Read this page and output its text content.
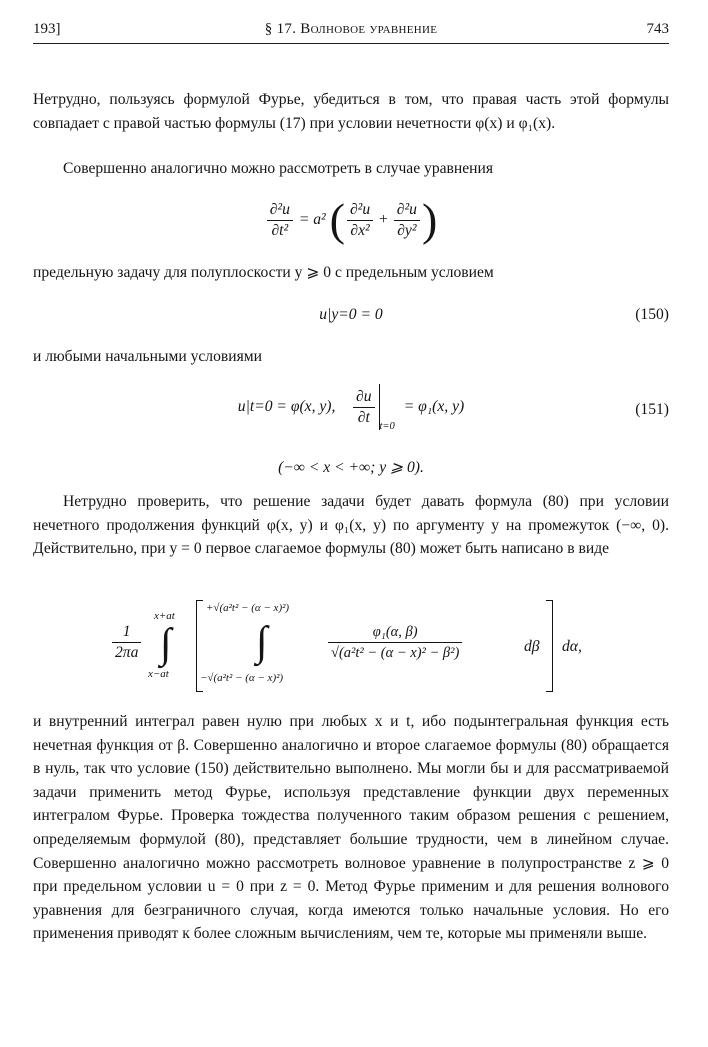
193]	§ 17. Волновое уравнение	743
Нетрудно, пользуясь формулой Фурье, убедиться в том, что правая часть этой формулы совпадает с правой частью формулы (17) при условии нечетности φ(x) и φ₁(x).
Совершенно аналогично можно рассмотреть в случае уравнения
$\frac{\text{∂²u}}{\text{∂t²}} = a^2$ ( $\frac{\text{∂²u}}{\text{∂x²}} + \frac{\text{∂²u}}{\text{∂y²}}$ )
предельную задачу для полуплоскости y ⩾ 0 с предельным условием
u|y=0 = 0	(150)
и любыми начальными условиями
u|t=0 = φ(x, y), $\frac{\partial u}{\partial t} _{t=0} = \varphi_1(x$, y)	(151)
(−∞ < x < +∞; y ⩾ 0).
Нетрудно проверить, что решение задачи будет давать формула (80) при условии нечетного продолжения функций φ(x, y) и φ₁(x, y) по аргументу y на промежуток (−∞, 0). Действительно, при y = 0 первое слагаемое формулы (80) может быть написано в виде
$\frac{1}{2\pi a}$
x+at
∫
x−at
+√(a²t² − (α − x)²)
∫
−√(a²t² − (α − x)²)
$\frac{\text{φ₁(α, β)}}{\text{√(a²t² − (α − x)² − β²)}}$	dβ dα,
и внутренний интеграл равен нулю при любых x и t, ибо подынтегральная функция есть нечетная функция от β. Совершенно аналогично и второе слагаемое формулы (80) обращается в нуль, так что условие (150) действительно выполнено. Мы могли бы и для рассматриваемой задачи применить метод Фурье, используя представление функции двух переменных интегралом Фурье. Проверка тождества полученного таким образом решения с решением, определяемым формулой (80), представляет большие трудности, чем в линейном случае. Совершенно аналогично можно рассмотреть волновое уравнение в полупространстве z ⩾ 0 при предельном условии u = 0 при z = 0. Метод Фурье применим и для решения волнового уравнения для безграничного случая, когда имеются только начальные условия. Но его применения приводят к более сложным вычислениям, чем те, которые мы применяли выше.
